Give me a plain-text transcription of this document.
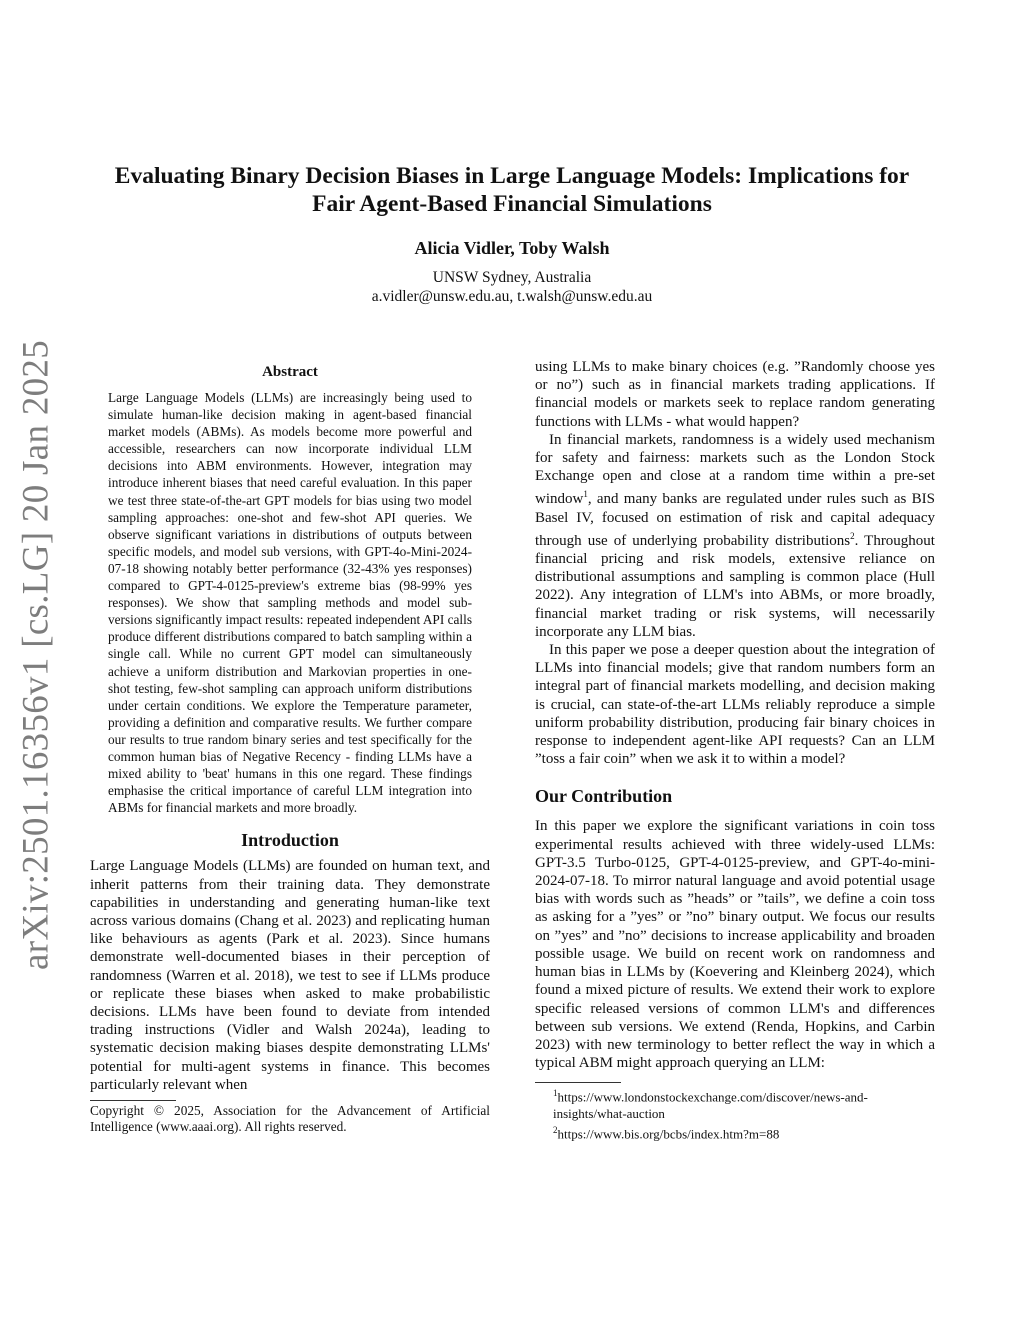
arXiv:2501.16356v1 [cs.LG] 20 Jan 2025
Evaluating Binary Decision Biases in Large Language Models: Implications for
Fair Agent-Based Financial Simulations
Alicia Vidler, Toby Walsh
UNSW Sydney, Australia
a.vidler@unsw.edu.au, t.walsh@unsw.edu.au
Abstract

Large Language Models (LLMs) are increasingly being used to simulate human-like decision making in agent-based financial market models (ABMs). As models become more powerful and accessible, researchers can now incorporate individual LLM decisions into ABM environments. However, integration may introduce inherent biases that need careful evaluation. In this paper we test three state-of-the-art GPT models for bias using two model sampling approaches: one-shot and few-shot API queries. We observe significant variations in distributions of outputs between specific models, and model sub versions, with GPT-4o-Mini-2024-07-18 showing notably better performance (32-43% yes responses) compared to GPT-4-0125-preview's extreme bias (98-99% yes responses). We show that sampling methods and model sub-versions significantly impact results: repeated independent API calls produce different distributions compared to batch sampling within a single call. While no current GPT model can simultaneously achieve a uniform distribution and Markovian properties in one-shot testing, few-shot sampling can approach uniform distributions under certain conditions. We explore the Temperature parameter, providing a definition and comparative results. We further compare our results to true random binary series and test specifically for the common human bias of Negative Recency - finding LLMs have a mixed ability to 'beat' humans in this one regard. These findings emphasise the critical importance of careful LLM integration into ABMs for financial markets and more broadly.

Introduction

Large Language Models (LLMs) are founded on human text, and inherit patterns from their training data. They demonstrate capabilities in understanding and generating human-like text across various domains (Chang et al. 2023) and replicating human like behaviours as agents (Park et al. 2023). Since humans demonstrate well-documented biases in their perception of randomness (Warren et al. 2018), we test to see if LLMs produce or replicate these biases when asked to make probabilistic decisions. LLMs have been found to deviate from intended trading instructions (Vidler and Walsh 2024a), leading to systematic decision making biases despite demonstrating LLMs' potential for multi-agent systems in finance. This becomes particularly relevant when

Copyright © 2025, Association for the Advancement of Artificial Intelligence (www.aaai.org). All rights reserved.

using LLMs to make binary choices (e.g. ”Randomly choose yes or no”) such as in financial markets trading applications. If financial models or markets seek to replace random generating functions with LLMs - what would happen?

In financial markets, randomness is a widely used mechanism for safety and fairness: markets such as the London Stock Exchange open and close at a random time within a pre-set window$^1$, and many banks are regulated under rules such as BIS Basel IV, focused on estimation of risk and capital adequacy through use of underlying probability distributions$^2$. Throughout financial pricing and risk models, extensive reliance on distributional assumptions and sampling is common place (Hull 2022). Any integration of LLM's into ABMs, or more broadly, financial market trading or risk systems, will necessarily incorporate any LLM bias.

In this paper we pose a deeper question about the integration of LLMs into financial models; give that random numbers form an integral part of financial markets modelling, and decision making is crucial, can state-of-the-art LLMs reliably reproduce a simple uniform probability distribution, producing fair binary choices in response to independent agent-like API requests? Can an LLM ”toss a fair coin” when we ask it to within a model?

Our Contribution

In this paper we explore the significant variations in coin toss experimental results achieved with three widely-used LLMs: GPT-3.5 Turbo-0125, GPT-4-0125-preview, and GPT-4o-mini-2024-07-18. To mirror natural language and avoid potential usage bias with words such as ”heads” or ”tails”, we define a coin toss as asking for a ”yes” or ”no” binary output. We focus our results on ”yes” and ”no” decisions to increase applicability and broaden possible usage. We build on recent work on randomness and human bias in LLMs by (Koevering and Kleinberg 2024), which found a mixed picture of results. We extend their work to explore specific released versions of common LLM's and differences between sub versions. We extend (Renda, Hopkins, and Carbin 2023) with new terminology to better reflect the way in which a typical ABM might approach querying an LLM:

$^1$https://www.londonstockexchange.com/discover/news-and-insights/what-auction

$^2$https://www.bis.org/bcbs/index.htm?m=88
